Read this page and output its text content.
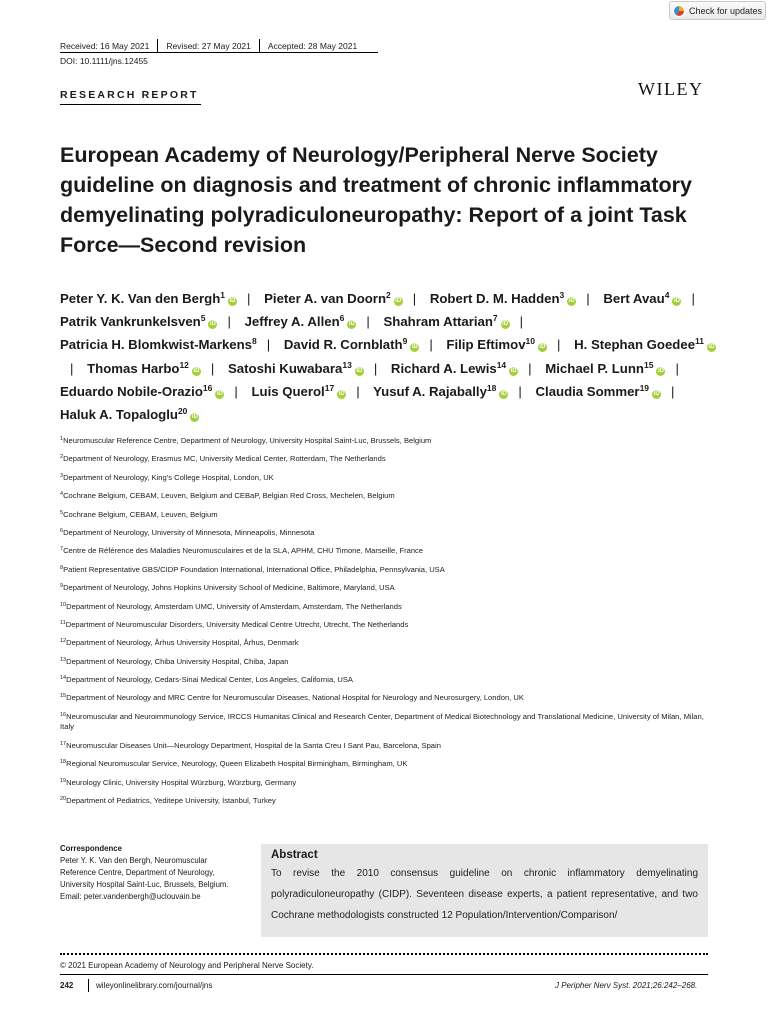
Check for updates
Received: 16 May 2021 Revised: 27 May 2021 Accepted: 28 May 2021
DOI: 10.1111/jns.12455
RESEARCH REPORT	WILEY
European Academy of Neurology/Peripheral Nerve Society guideline on diagnosis and treatment of chronic inflammatory demyelinating polyradiculoneuropathy: Report of a joint Task Force—Second revision
Peter Y. K. Van den Bergh$^1$iD | Pieter A. van Doorn$^2$iD | Robert D. M. Hadden$^3$iD | Bert Avau$^4$iD | Patrik Vankrunkelsven$^5$iD | Jeffrey A. Allen$^6$iD | Shahram Attarian$^7$iD | Patricia H. Blomkwist-Markens$^8$ | David R. Cornblath$^9$iD | Filip Eftimov$^{10}$iD | H. Stephan Goedee$^{11}$iD| Thomas Harbo$^{12}$iD | Satoshi Kuwabara$^{13}$iD | Richard A. Lewis$^{14}$iD | Michael P. Lunn$^{15}$iD | Eduardo Nobile-Orazio$^{16}$iD | Luis Querol$^{17}$iD | Yusuf A. Rajabally$^{18}$iD | Claudia Sommer$^{19}$iD | Haluk A. Topaloglu$^{20}$iD
$^1$Neuromuscular Reference Centre, Department of Neurology, University Hospital Saint-Luc, Brussels, Belgium
$^2$Department of Neurology, Erasmus MC, University Medical Center, Rotterdam, The Netherlands
$^3$Department of Neurology, King's College Hospital, London, UK
$^4$Cochrane Belgium, CEBAM, Leuven, Belgium and CEBaP, Belgian Red Cross, Mechelen, Belgium
$^5$Cochrane Belgium, CEBAM, Leuven, Belgium
$^6$Department of Neurology, University of Minnesota, Minneapolis, Minnesota
$^7$Centre de Référence des Maladies Neuromusculaires et de la SLA, APHM, CHU Timone, Marseille, France
$^8$Patient Representative GBS/CIDP Foundation International, International Office, Philadelphia, Pennsylvania, USA
$^9$Department of Neurology, Johns Hopkins University School of Medicine, Baltimore, Maryland, USA
$^{10}$Department of Neurology, Amsterdam UMC, University of Amsterdam, Amsterdam, The Netherlands
$^{11}$Department of Neuromuscular Disorders, University Medical Centre Utrecht, Utrecht, The Netherlands
$^{12}$Department of Neurology, Århus University Hospital, Århus, Denmark
$^{13}$Department of Neurology, Chiba University Hospital, Chiba, Japan
$^{14}$Department of Neurology, Cedars-Sinai Medical Center, Los Angeles, California, USA
$^{15}$Department of Neurology and MRC Centre for Neuromuscular Diseases, National Hospital for Neurology and Neurosurgery, London, UK
$^{16}$Neuromuscular and Neuroimmunology Service, IRCCS Humanitas Clinical and Research Center, Department of Medical Biotechnology and Translational Medicine, University of Milan, Milan, Italy
$^{17}$Neuromuscular Diseases Unit—Neurology Department, Hospital de la Santa Creu I Sant Pau, Barcelona, Spain
$^{18}$Regional Neuromuscular Service, Neurology, Queen Elizabeth Hospital Birmingham, Birmingham, UK
$^{19}$Neurology Clinic, University Hospital Würzburg, Würzburg, Germany
$^{20}$Department of Pediatrics, Yeditepe University, İstanbul, Turkey
Correspondence
Peter Y. K. Van den Bergh, Neuromuscular
Reference Centre, Department of Neurology,
University Hospital Saint-Luc, Brussels, Belgium.
Email: peter.vandenbergh@uclouvain.be
Abstract
To revise the 2010 consensus guideline on chronic inflammatory demyelinating polyradiculoneuropathy (CIDP). Seventeen disease experts, a patient representative, and two Cochrane methodologists constructed 12 Population/Intervention/Comparison/
© 2021 European Academy of Neurology and Peripheral Nerve Society.
242	wileyonlinelibrary.com/journal/jns	J Peripher Nerv Syst. 2021;26:242–268.
